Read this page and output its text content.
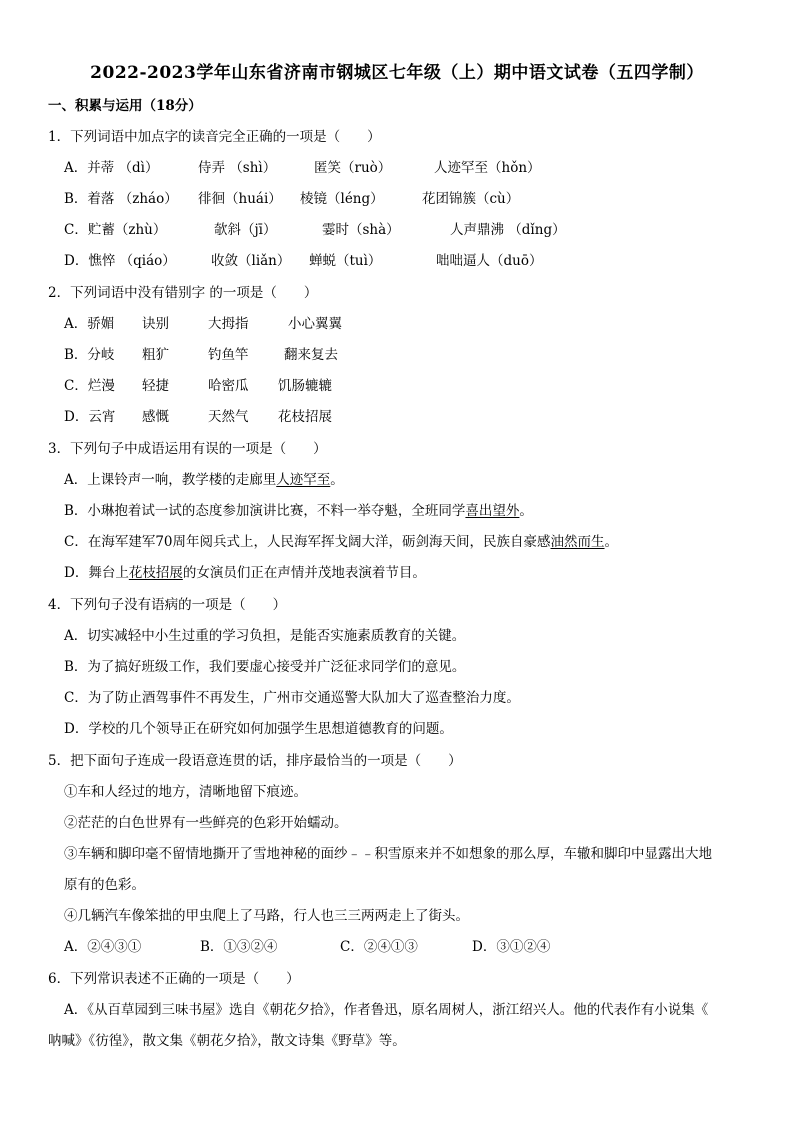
2022-2023学年山东省济南市钢城区七年级（上）期中语文试卷（五四学制）
一、积累与运用（18分）
1．下列词语中加点字的读音完全正确的一项是（　　）
A．并蒂 （dì）	侍弄 （shì）	匿笑（ruò）	人迹罕至（hǒn）
B．着落 （zháo） 徘徊（huái） 棱镜（léng）	花团锦簇（cù）
C．贮蓄（zhù）	欹斜（jī）	霎时（shà）	人声鼎沸 （dǐng）
D．憔悴 （qiáo）	收敛（liǎn） 蝉蜕（tuì）	咄咄逼人（duō）
2．下列词语中没有错别字 的一项是（　　）
A．骄媚 诀别	大拇指	小心翼翼
B．分岐 粗犷	钓鱼竿	翻来复去
C．烂漫 轻捷	哈密瓜 饥肠辘辘
D．云宵 感慨	天然气 花枝招展
3．下列句子中成语运用有误的一项是（　　）
A．上课铃声一响，教学楼的走廊里人迹罕至。
B．小琳抱着试一试的态度参加演讲比赛，不料一举夺魁，全班同学喜出望外。
C．在海军建军70周年阅兵式上，人民海军挥戈阔大洋，砺剑海天间，民族自豪感油然而生。
D．舞台上花枝招展的女演员们正在声情并茂地表演着节目。
4．下列句子没有语病的一项是（　　）
A．切实减轻中小生过重的学习负担，是能否实施素质教育的关键。
B．为了搞好班级工作，我们要虚心接受并广泛征求同学们的意见。
C．为了防止酒驾事件不再发生，广州市交通巡警大队加大了巡查整治力度。
D．学校的几个领导正在研究如何加强学生思想道德教育的问题。
5．把下面句子连成一段语意连贯的话，排序最恰当的一项是（　　）
①车和人经过的地方，清晰地留下痕迹。
②茫茫的白色世界有一些鲜亮的色彩开始蠕动。
③车辆和脚印毫不留情地撕开了雪地神秘的面纱﹣﹣积雪原来并不如想象的那么厚，车辙和脚印中显露出大地
原有的色彩。
④几辆汽车像笨拙的甲虫爬上了马路，行人也三三两两走上了街头。
A．②④③①	B．①③②④	C．②④①③	D．③①②④
6．下列常识表述不正确的一项是（　　）
A．《从百草园到三味书屋》选自《朝花夕拾》，作者鲁迅，原名周树人，浙江绍兴人。他的代表作有小说集《
呐喊》《彷徨》，散文集《朝花夕拾》，散文诗集《野草》等。
